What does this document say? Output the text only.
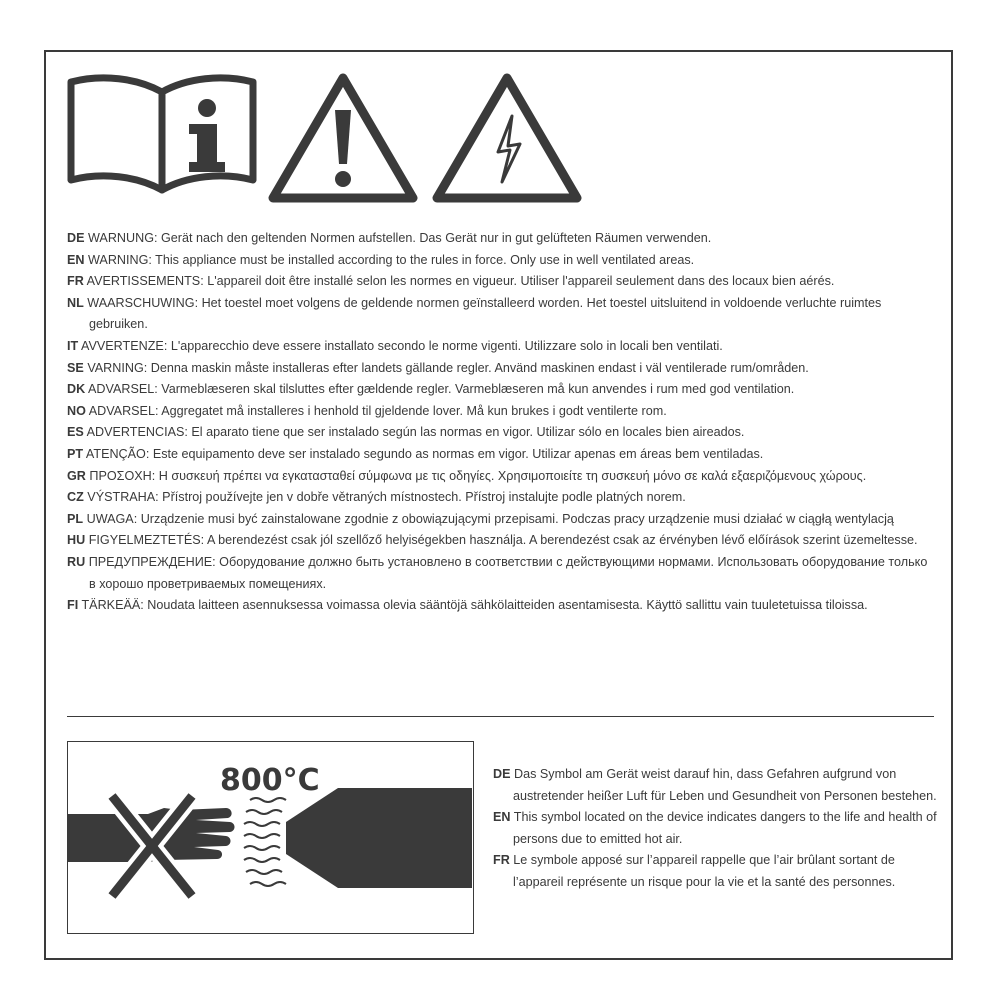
DE WARNUNG: Gerät nach den geltenden Normen aufstellen. Das Gerät nur in gut gelüfteten Räumen verwenden.

EN WARNING: This appliance must be installed according to the rules in force. Only use in well ventilated areas.

FR AVERTISSEMENTS: L'appareil doit être installé selon les normes en vigueur. Utiliser l'appareil seulement dans des locaux bien aérés.

NL WAARSCHUWING: Het toestel moet volgens de geldende normen geïnstalleerd worden. Het toestel uitsluitend in voldoende verluchte ruimtes gebruiken.

IT AVVERTENZE: L'apparecchio deve essere installato secondo le norme vigenti. Utilizzare solo in locali ben ventilati.

SE VARNING: Denna maskin måste installeras efter landets gällande regler. Använd maskinen endast i väl ventilerade rum/områden.

DK ADVARSEL: Varmeblæseren skal tilsluttes efter gældende regler. Varmeblæseren må kun anvendes i rum med god ventilation.

NO ADVARSEL: Aggregatet må installeres i henhold til gjeldende lover. Må kun brukes i godt ventilerte rom.

ES ADVERTENCIAS: El aparato tiene que ser instalado según las normas en vigor. Utilizar sólo en locales bien aireados.

PT ATENÇÃO: Este equipamento deve ser instalado segundo as normas em vigor. Utilizar apenas em áreas bem ventiladas.

GR ΠΡΟΣΟΧΗ: Η συσκευή πρέπει να εγκατασταθεί σύμφωνα με τις οδηγίες. Χρησιμοποιείτε τη συσκευή μόνο σε καλά εξαεριζόμενους χώρους.

CZ VÝSTRAHA: Přístroj používejte jen v dobře větraných místnostech. Přístroj instalujte podle platných norem.

PL UWAGA: Urządzenie musi być zainstalowane zgodnie z obowiązującymi przepisami. Podczas pracy urządzenie musi działać w ciągłą wentylacją

HU FIGYELMEZTETÉS: A berendezést csak jól szellőző helyiségekben használja. A berendezést csak az érvényben lévő előírások szerint üzemeltesse.

RU ПРЕДУПРЕЖДЕНИЕ: Оборудование должно быть установлено в соответствии с действующими нормами. Использовать оборудование только в хорошо проветриваемых помещениях.

FI TÄRKEÄÄ: Noudata laitteen asennuksessa voimassa olevia sääntöjä sähkölaitteiden asentamisesta. Käyttö sallittu vain tuuletetuissa tiloissa.

800°C	DE Das Symbol am Gerät weist darauf hin, dass Gefahren aufgrund von austretender heißer Luft für Leben und Gesundheit von Personen bestehen.

EN This symbol located on the device indicates dangers to the life and health of persons due to emitted hot air.

FR Le symbole apposé sur l’appareil rappelle que l’air brûlant sortant de l’appareil représente un risque pour la vie et la santé des personnes.
